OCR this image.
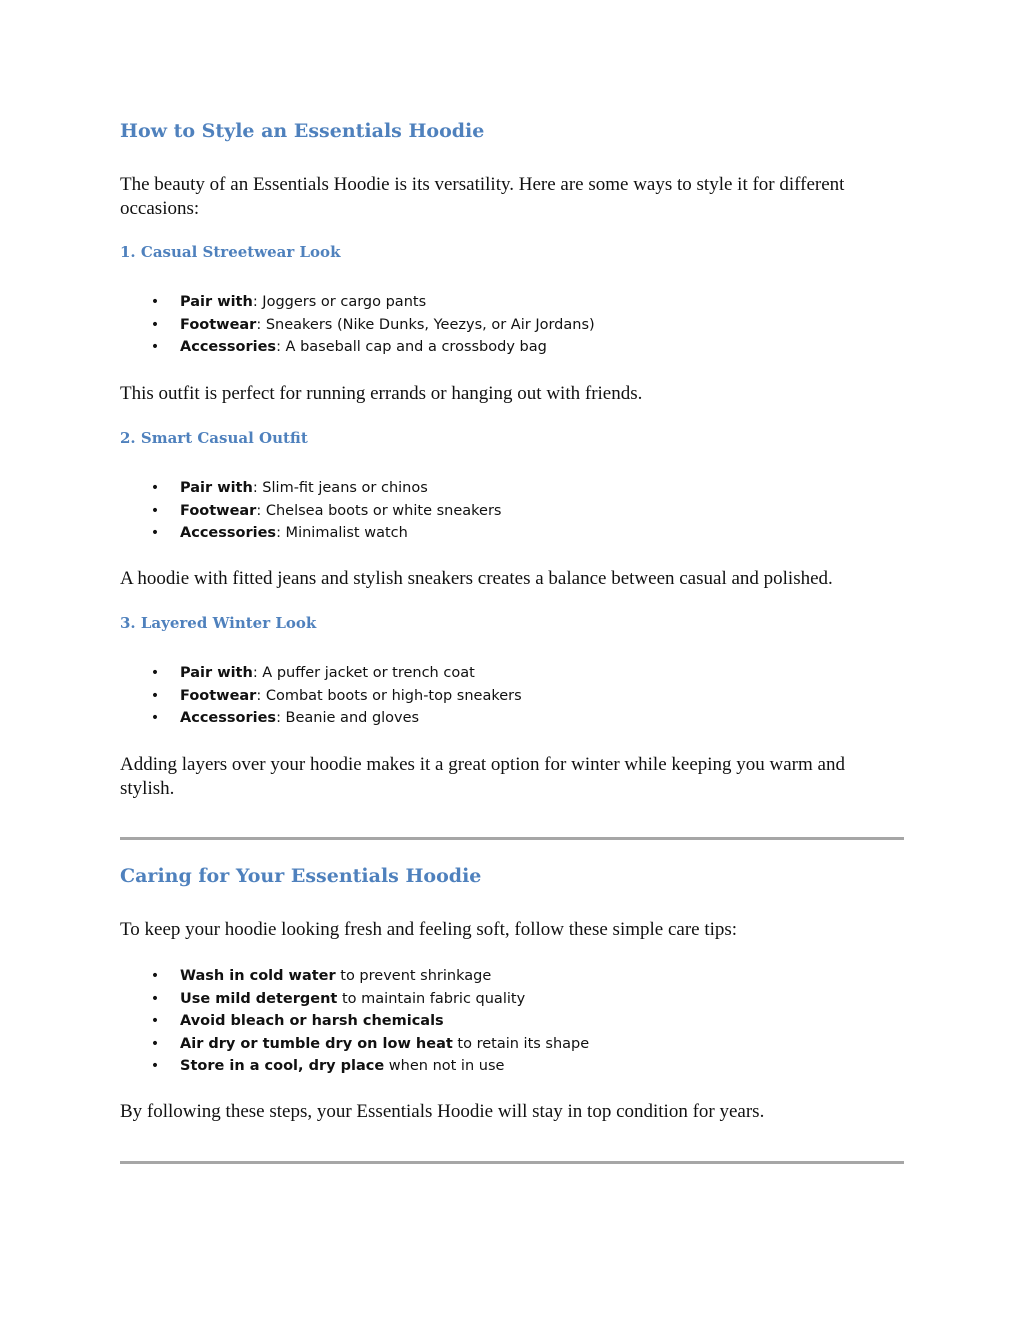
How to Style an Essentials Hoodie

The beauty of an Essentials Hoodie is its versatility. Here are some ways to style it for different occasions:

1. Casual Streetwear Look
• Pair with: Joggers or cargo pants
• Footwear: Sneakers (Nike Dunks, Yeezys, or Air Jordans)
• Accessories: A baseball cap and a crossbody bag

This outfit is perfect for running errands or hanging out with friends.

2. Smart Casual Outfit
• Pair with: Slim-fit jeans or chinos
• Footwear: Chelsea boots or white sneakers
• Accessories: Minimalist watch

A hoodie with fitted jeans and stylish sneakers creates a balance between casual and polished.

3. Layered Winter Look
• Pair with: A puffer jacket or trench coat
• Footwear: Combat boots or high-top sneakers
• Accessories: Beanie and gloves

Adding layers over your hoodie makes it a great option for winter while keeping you warm and stylish.

Caring for Your Essentials Hoodie

To keep your hoodie looking fresh and feeling soft, follow these simple care tips:

• Wash in cold water to prevent shrinkage
• Use mild detergent to maintain fabric quality
• Avoid bleach or harsh chemicals
• Air dry or tumble dry on low heat to retain its shape
• Store in a cool, dry place when not in use

By following these steps, your Essentials Hoodie will stay in top condition for years.
